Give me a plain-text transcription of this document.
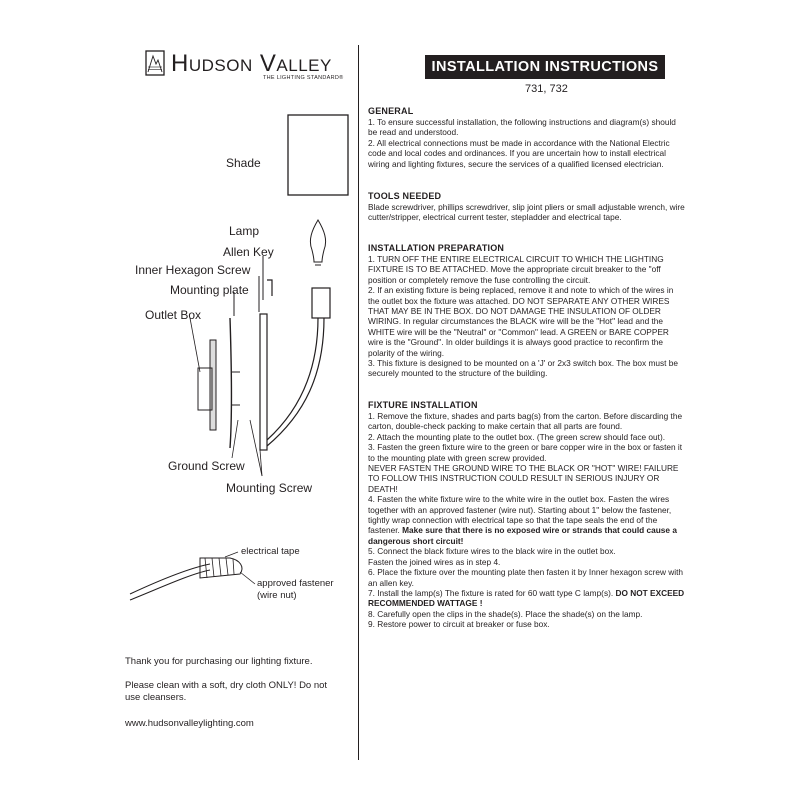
Hudson Valley
THE LIGHTING STANDARD®
INSTALLATION INSTRUCTIONS
731, 732
Shade
Lamp
Allen Key
Inner Hexagon Screw
Mounting plate
Outlet Box
Ground Screw
Mounting Screw
electrical tape
approved fastener
(wire nut)

Thank you for purchasing our lighting fixture.

Please clean with a soft, dry cloth ONLY! Do not
use cleansers.

www.hudsonvalleylighting.com

GENERAL

1. To ensure successful installation, the following instructions and diagram(s) should be read and understood.

2. All electrical connections must be made in accordance with the National Electric code and local codes and ordinances. If you are uncertain how to install electrical wiring and lighting fixtures, secure the services of a qualified licensed electrician.

TOOLS NEEDED

Blade screwdriver, phillips screwdriver, slip joint pliers or small adjustable wrench, wire cutter/stripper, electrical current tester, stepladder and electrical tape.

INSTALLATION PREPARATION

1. TURN OFF THE ENTIRE ELECTRICAL CIRCUIT TO WHICH THE LIGHTING FIXTURE IS TO BE ATTACHED. Move the appropriate circuit breaker to the "off position or completely remove the fuse controlling the circuit.

2. If an existing fixture is being replaced, remove it and note to which of the wires in the outlet box the fixture was attached. DO NOT SEPARATE ANY OTHER WIRES THAT MAY BE IN THE BOX. DO NOT DAMAGE THE INSULATION OF OLDER WIRING. In regular circumstances the BLACK wire will be the "Hot" lead and the WHITE wire will be the "Neutral" or "Common" lead. A GREEN or BARE COPPER wire is the "Ground". In older buildings it is always good practice to reconfirm the polarity of the wiring.

3. This fixture is designed to be mounted on a 'J' or 2x3 switch box. The box must be securely mounted to the structure of the building.

FIXTURE INSTALLATION

1. Remove the fixture, shades and parts bag(s) from the carton. Before discarding the carton, double-check packing to make certain that all parts are found.

2. Attach the mounting plate to the outlet box. (The green screw should face out).

3. Fasten the green fixture wire to the green or bare copper wire in the box or fasten it to the mounting plate with green screw provided.

NEVER FASTEN THE GROUND WIRE TO THE BLACK OR "HOT" WIRE! FAILURE TO FOLLOW THIS INSTRUCTION COULD RESULT IN SERIOUS INJURY OR DEATH!

4. Fasten the white fixture wire to the white wire in the outlet box. Fasten the wires together with an approved fastener (wire nut). Starting about 1" below the fastener, tightly wrap connection with electrical tape so that the tape seals the end of the fastener. Make sure that there is no exposed wire or strands that could cause a dangerous short circuit!

5. Connect the black fixture wires to the black wire in the outlet box.

Fasten the joined wires as in step 4.

6. Place the fixture over the mounting plate then fasten it by Inner hexagon screw with an allen key.

7. Install the lamp(s) The fixture is rated for 60 watt type C lamp(s). DO NOT EXCEED RECOMMENDED WATTAGE !

8. Carefully open the clips in the shade(s). Place the shade(s) on the lamp.

9. Restore power to circuit at breaker or fuse box.
